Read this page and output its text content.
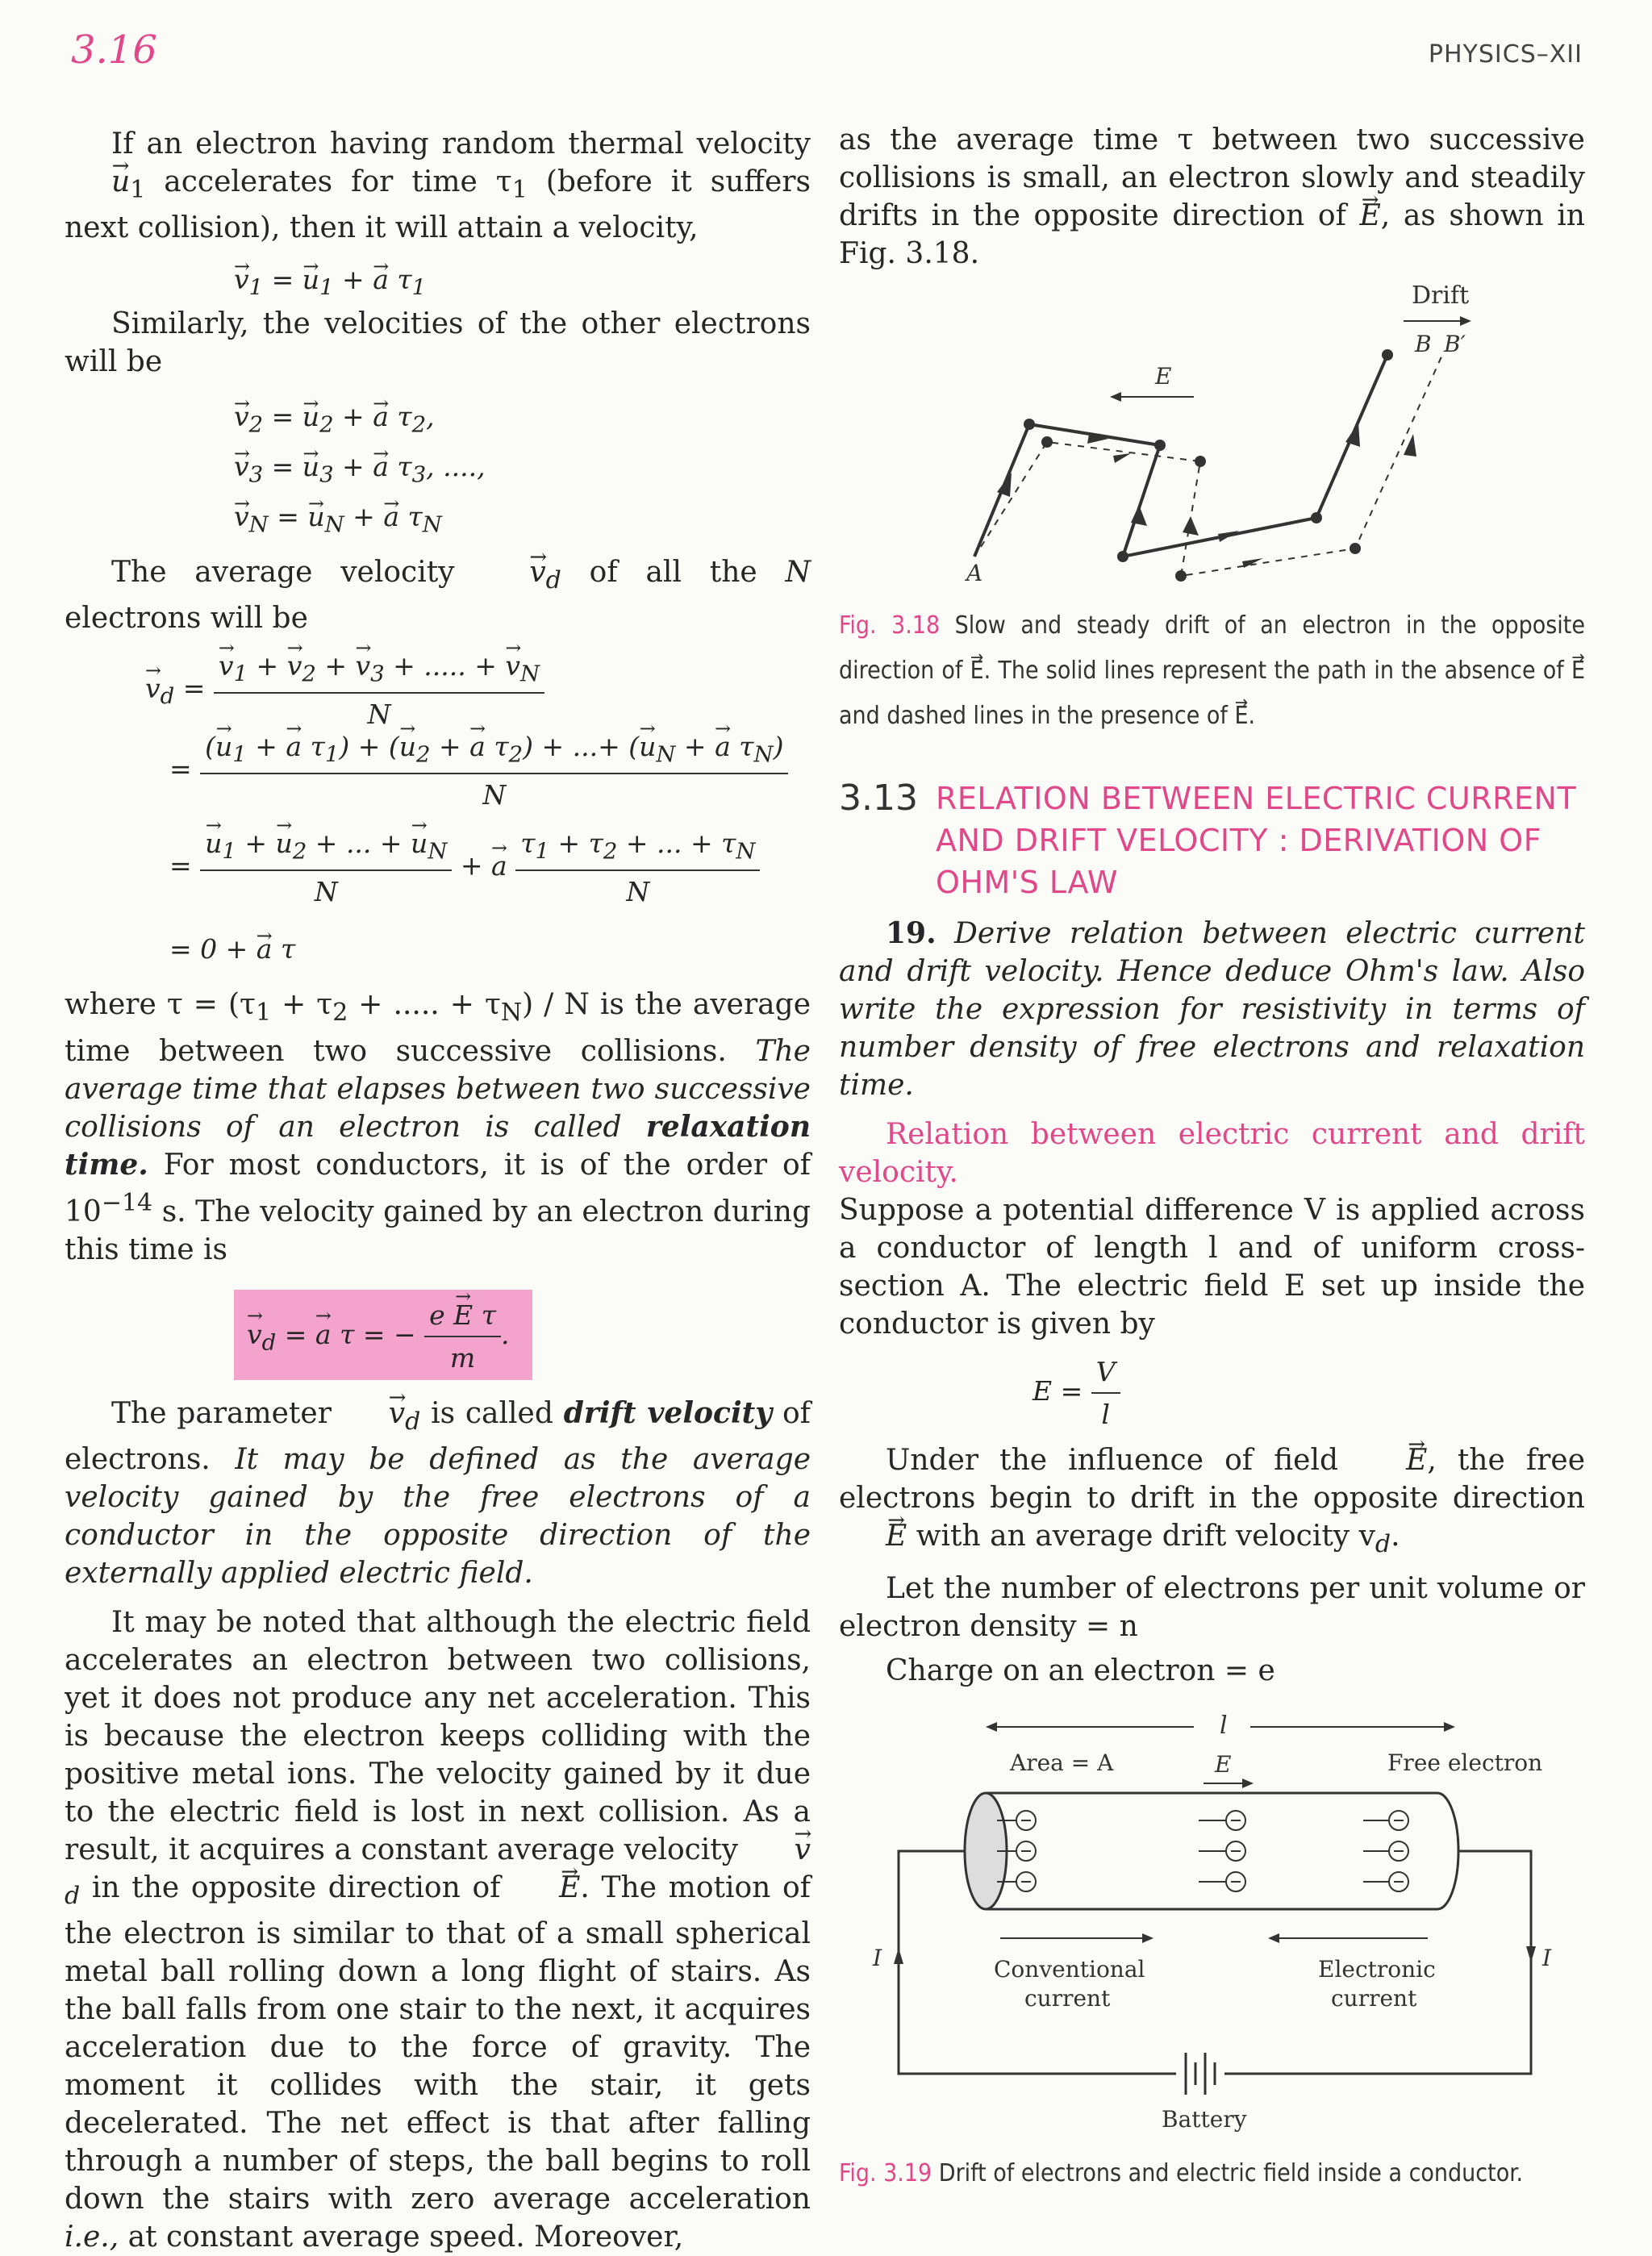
3.16	PHYSICS–XII

If an electron having random thermal velocity → $u_1$ accelerates for time $\tau_1$ (before it suffers next collision), then it will attain a velocity,

→ $v_1$ = → $u_1$ + → a $\tau_1$

Similarly, the velocities of the other electrons will be

→ $v_2$ = → $u_2$ + → a $\tau_2$,
→ $v_3$ = → $u_3$ + → a $\tau_3$, ....,
→ $v_N$ = → $u_N$ + → a $\tau_N$

The average velocity → $v_d$ of all the N electrons will be

→ $v_d$ = → $\frac{v_1 + \to v_2 + \to v_3 + ..... + \to v_N}{N}$
= $\frac{(\to u_1 + \to a \tau_1) + (\to u_2 + \to a \tau_2) + ...+ (\to u_N + \to a \tau_N)}{N}$
= → $\frac{u_1 + \to u_2 + ... + \to u_N}{N}$ + → a $\frac{\tau_1 + \tau_2 + ... + \tau_N}{N}$
= 0 + → a τ

where $\tau = (\tau_1 + \tau_2$ + ..... + $\tau_N$) / N is the average time between two successive collisions. The average time that elapses between two successive collisions of an electron is called relaxation time. For most conductors, it is of the order of $10^{-14}$ s. The velocity gained by an electron during this time is

→ $v_d$ = → a τ = − $\frac{\text{e → E τ}}{m}$ .

The parameter → $v_d$ is called drift velocity of electrons. It may be defined as the average velocity gained by the free electrons of a conductor in the opposite direction of the externally applied electric field.

It may be noted that although the electric field accelerates an electron between two collisions, yet it does not produce any net acceleration. This is because the electron keeps colliding with the positive metal ions. The velocity gained by it due to the electric field is lost in next collision. As a result, it acquires a constant average velocity → $v_d$ in the opposite direction of → E. The motion of the electron is similar to that of a small spherical metal ball rolling down a long flight of stairs. As the ball falls from one stair to the next, it acquires acceleration due to the force of gravity. The moment it collides with the stair, it gets decelerated. The net effect is that after falling through a number of steps, the ball begins to roll down the stairs with zero average acceleration i.e., at constant average speed. Moreover,

as the average time τ between two successive collisions is small, an electron slowly and steadily drifts in the opposite direction of → E, as shown in Fig. 3.18.

Drift
B B′
E
A

Fig. 3.18 Slow and steady drift of an electron in the opposite direction of → E. The solid lines represent the path in the absence of → E and dashed lines in the presence of → E.

3.13 RELATION BETWEEN ELECTRIC CURRENT AND DRIFT VELOCITY : DERIVATION OF OHM'S LAW

19. Derive relation between electric current and drift velocity. Hence deduce Ohm's law. Also write the expression for resistivity in terms of number density of free electrons and relaxation time.

Relation between electric current and drift velocity.

Suppose a potential difference V is applied across a conductor of length l and of uniform cross-section A. The electric field E set up inside the conductor is given by

$E = \frac{V}{l}$

Under the influence of field → E, the free electrons begin to drift in the opposite direction → E with an average drift velocity $v_d$.

Let the number of electrons per unit volume or electron density = n

Charge on an electron = e

l
Area = A	E	Free electron
Battery
I	I
Conventional
current
Electronic
current

Fig. 3.19 Drift of electrons and electric field inside a conductor.
